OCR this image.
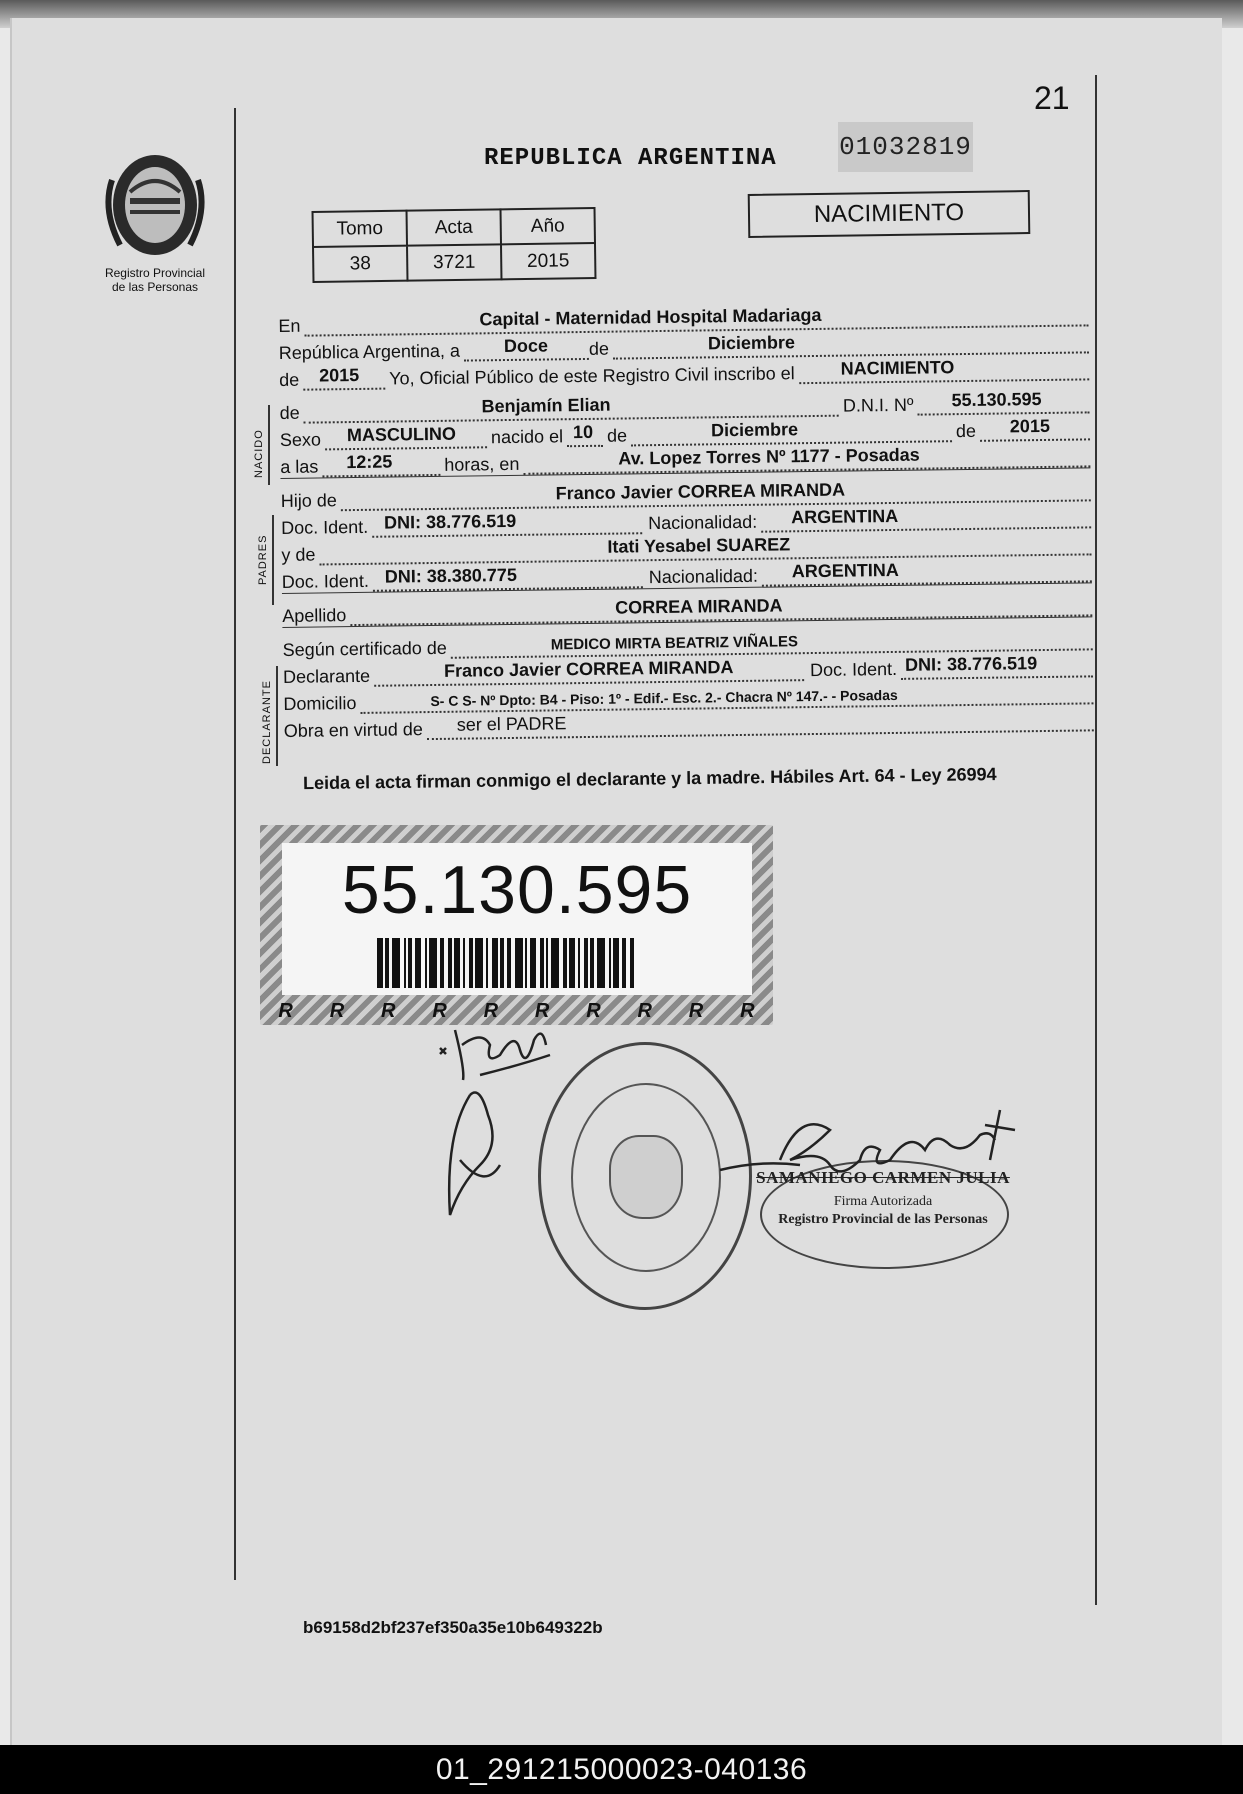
21
Registro Provincial
de las Personas
REPUBLICA ARGENTINA 01032819
Tomo	Acta	Año
38	3721	2015
NACIMIENTO
NACIDO
PADRES
DECLARANTE
En	Capital - Maternidad Hospital Madariaga
República Argentina, a Doce de	Diciembre
de 2015 Yo, Oficial Público de este Registro Civil inscribo el	NACIMIENTO
de	Benjamín Elian	D.N.I. Nº 55.130.595
Sexo MASCULINO nacido el 10 de	Diciembre	de 2015
a las 12:25	horas, en	Av. Lopez Torres Nº 1177 - Posadas
Hijo de	Franco Javier CORREA MIRANDA
Doc. Ident. DNI: 38.776.519	Nacionalidad: ARGENTINA
y de	Itati Yesabel SUAREZ
Doc. Ident. DNI: 38.380.775	Nacionalidad: ARGENTINA
Apellido	CORREA MIRANDA
Según certificado de	MEDICO MIRTA BEATRIZ VIÑALES
Declarante	Franco Javier CORREA MIRANDA	Doc. Ident. DNI: 38.776.519
Domicilio	S- C S- Nº Dpto: B4 - Piso: 1º - Edif.- Esc. 2.- Chacra Nº 147.- - Posadas
Obra en virtud de ser el PADRE
Leida el acta firman conmigo el declarante y la madre. Hábiles Art. 64 - Ley 26994
55.130.595
R R R R R R R R R R
SAMANIEGO CARMEN JULIA
Firma Autorizada
Registro Provincial de las Personas
b69158d2bf237ef350a35e10b649322b
01_291215000023-040136
